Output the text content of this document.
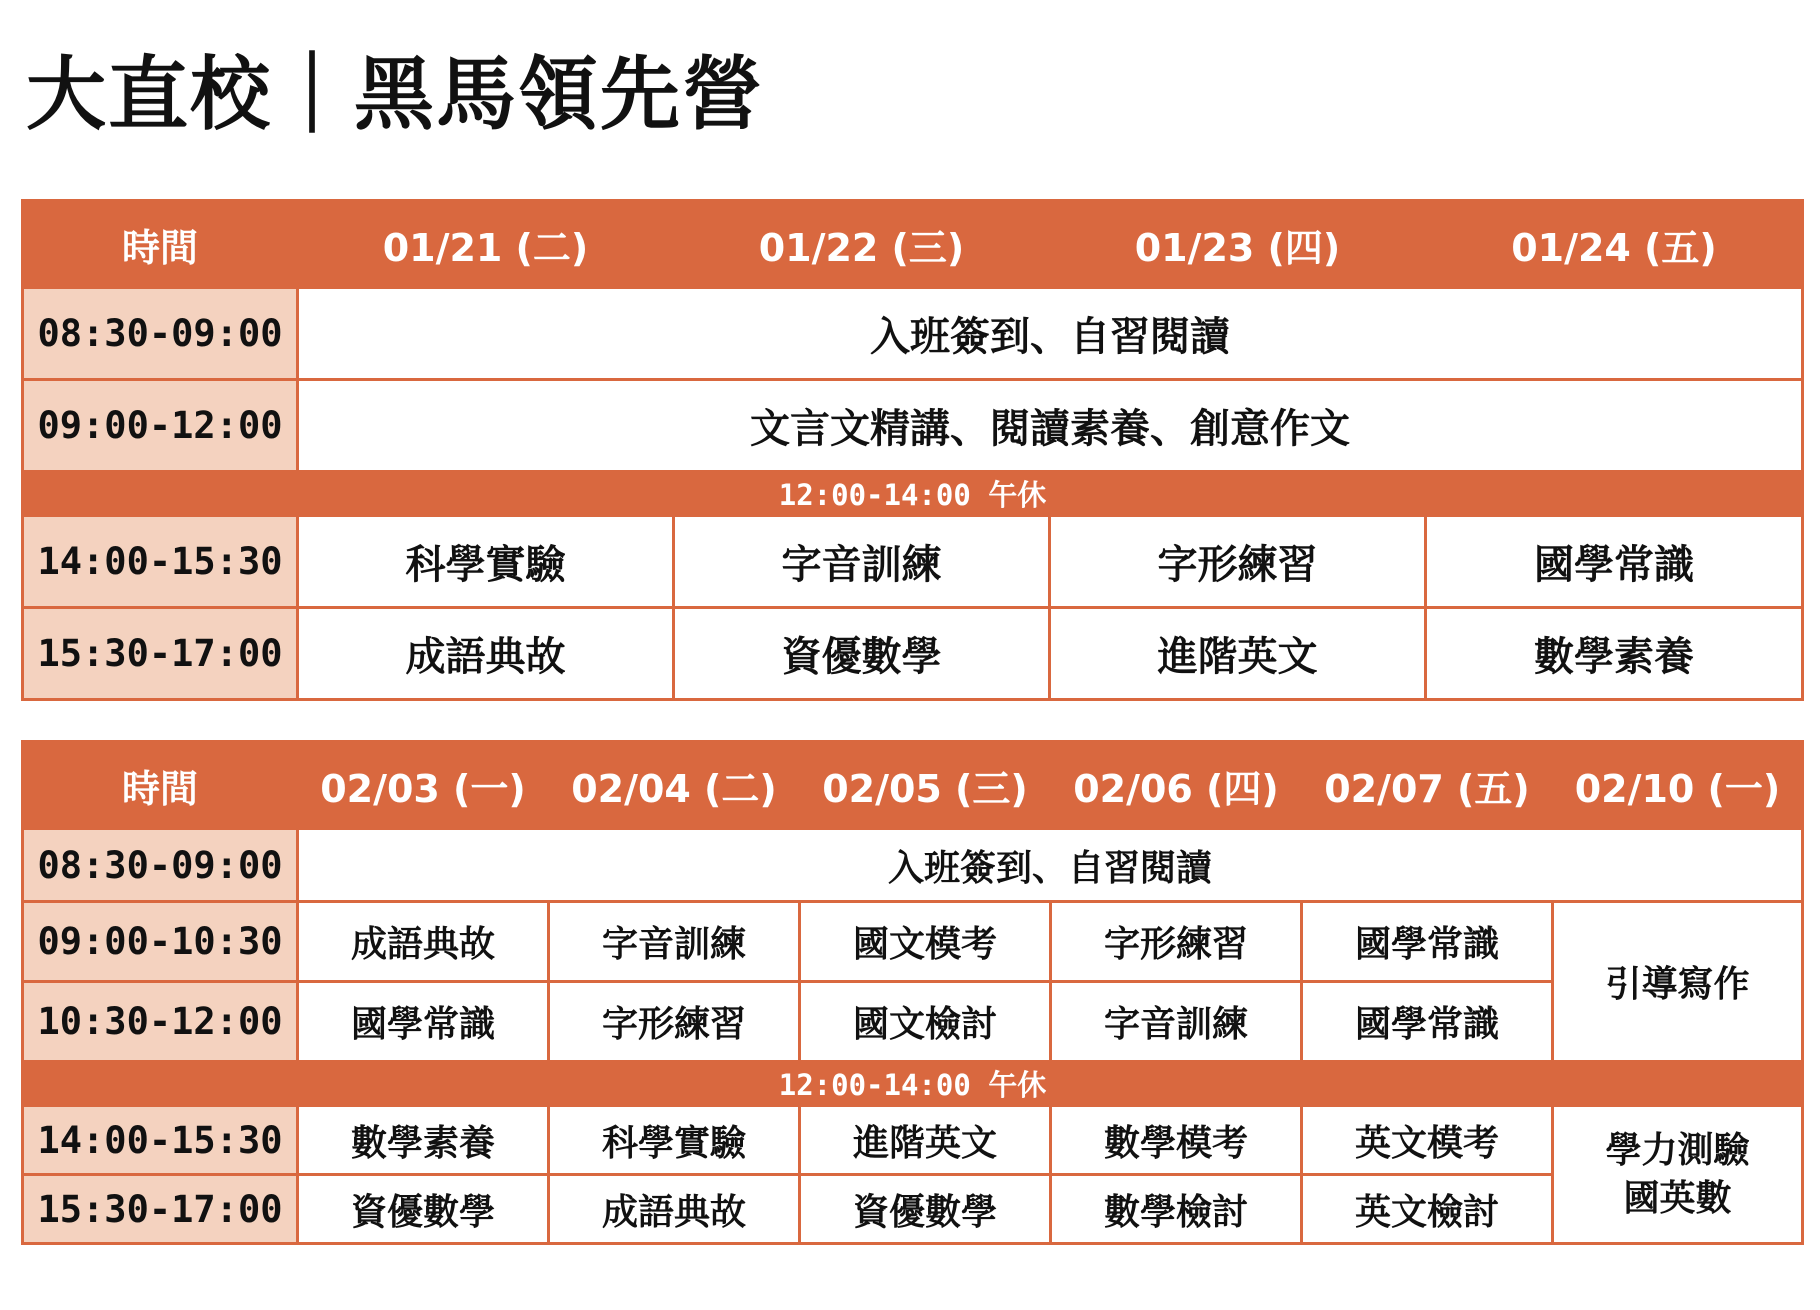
大直校｜黑馬領先營
時間	01/21 (二)	01/22 (三)	01/23 (四)	01/24 (五)
08:30-09:00	入班簽到、自習閱讀			
09:00-12:00	文言文精講、閱讀素養、創意作文			
12:00-14:00 午休				
14:00-15:30	科學實驗	字音訓練	字形練習	國學常識
15:30-17:00	成語典故	資優數學	進階英文	數學素養
時間	02/03 (一)	02/04 (二)	02/05 (三)	02/06 (四)	02/07 (五)	02/10 (一)
08:30-09:00	入班簽到、自習閱讀					
09:00-10:30	成語典故	字音訓練	國文模考	字形練習	國學常識	引導寫作
10:30-12:00	國學常識	字形練習	國文檢討	字音訓練	國學常識	
12:00-14:00 午休						
14:00-15:30	數學素養	科學實驗	進階英文	數學模考	英文模考	學力測驗
國英數

15:30-17:00	資優數學	成語典故	資優數學	數學檢討	英文檢討	
